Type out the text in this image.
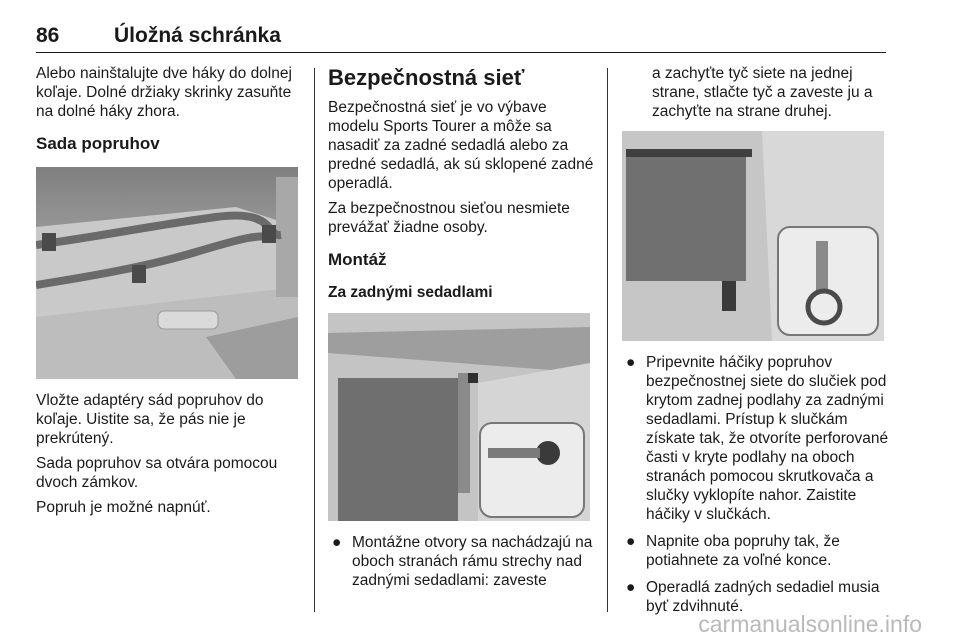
86	Úložná schránka

Alebo nainštalujte dve háky do dolnej koľaje. Dolné držiaky skrinky zasuňte na dolné háky zhora.

Sada popruhov

Vložte adaptéry sád popruhov do koľaje. Uistite sa, že pás nie je prekrútený.

Sada popruhov sa otvára pomocou dvoch zámkov.

Popruh je možné napnúť.

Bezpečnostná sieť

Bezpečnostná sieť je vo výbave modelu Sports Tourer a môže sa nasadiť za zadné sedadlá alebo za predné sedadlá, ak sú sklopené zadné operadlá.

Za bezpečnostnou sieťou nesmiete prevážať žiadne osoby.

Montáž
Za zadnými sedadlami
● Montážne otvory sa nachádzajú na oboch stranách rámu strechy nad zadnými sedadlami: zaveste

a zachyťte tyč siete na jednej strane, stlačte tyč a zaveste ju a zachyťte na strane druhej.

● Pripevnite háčiky popruhov bezpečnostnej siete do slučiek pod krytom zadnej podlahy za zadnými sedadlami. Prístup k slučkám získate tak, že otvoríte perforované časti v kryte podlahy na oboch stranách pomocou skrutkovača a slučky vyklopíte nahor. Zaistite háčiky v slučkách.
● Napnite oba popruhy tak, že potiahnete za voľné konce.
● Operadlá zadných sedadiel musia byť zdvihnuté.
carmanualsonline.info
